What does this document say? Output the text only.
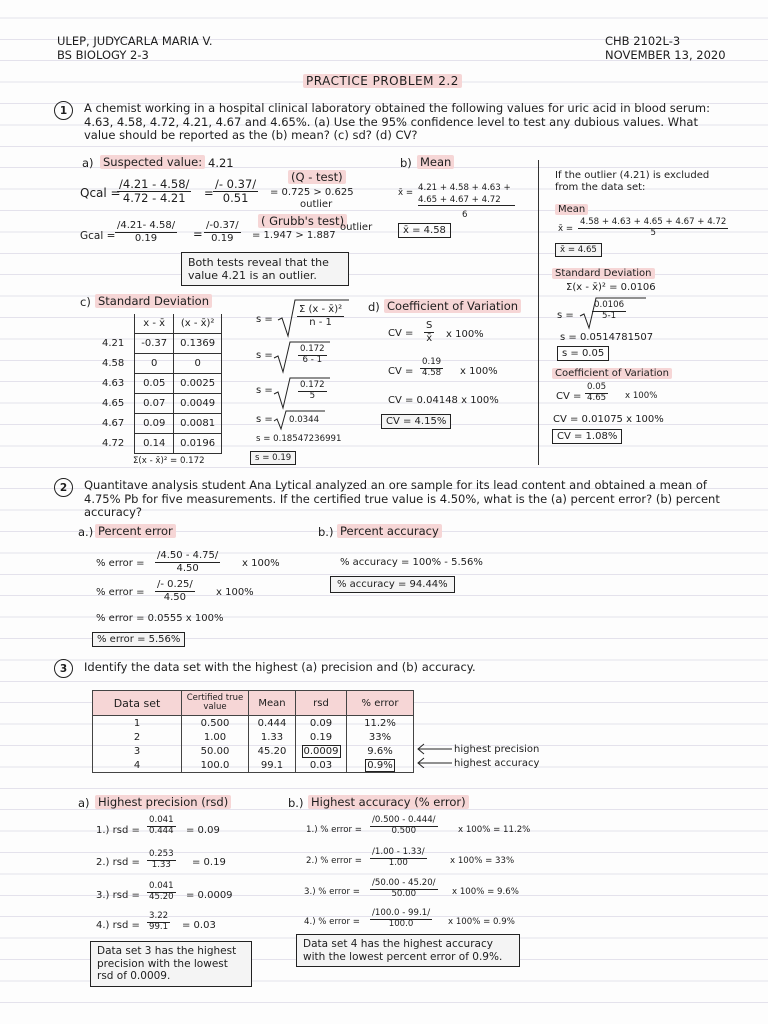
ULEP, JUDYCARLA MARIA V.
BS BIOLOGY 2-3
CHB 2102L-3
NOVEMBER 13, 2020
PRACTICE PROBLEM 2.2
1	A chemist working in a hospital clinical laboratory obtained the following values for uric acid in blood serum: 4.63, 4.58, 4.72, 4.21, 4.67 and 4.65%. (a) Use the 95% confidence level to test any dubious values. What value should be reported as the (b) mean? (c) sd? (d) CV?
a) Suspected value: 4.21
(Q - test)
Qcal =
/4.21 - 4.58/
4.72 - 4.21 =
/- 0.37/
0.51 = 0.725 > 0.625
outlier
( Grubb's test)
Gcal =
/4.21- 4.58/
0.19	=
/-0.37/
0.19 = 1.947 > 1.887
outlier
Both tests reveal that the value 4.21 is an outlier.
b) Mean
x̄ = 4.21 + 4.58 + 4.63 +
4.65 + 4.67 + 4.72
6
x̄ = 4.58
If the outlier (4.21) is excluded from the data set:
Mean
x̄ =
4.58 + 4.63 + 4.65 + 4.67 + 4.72
5
x̄ = 4.65
Standard Deviation
Σ(x - x̄)² = 0.0106
s =
0.0106
5-1
s = 0.0514781507
s = 0.05
Coefficient of Variation
CV =
0.05
4.65 x 100%
CV = 0.01075 x 100%
CV = 1.08%
c) Standard Deviation
	x - x̄	(x - x̄)²
4.21	-0.37	0.1369
4.58	0	0
4.63	0.05	0.0025
4.65	0.07	0.0049
4.67	0.09	0.0081
4.72	0.14	0.0196
Σ(x - x̄)² = 0.172
s =
Σ (x - x̄)²
n - 1
s =
0.172
6 - 1
s =	0.172
5
s = 0.0344
s = 0.18547236991
s = 0.19
d) Coefficient of Variation
CV =
S
x̄ x 100%
CV =
0.19
4.58 x 100%
CV = 0.04148 x 100%
CV = 4.15%
2	Quantitave analysis student Ana Lytical analyzed an ore sample for its lead content and obtained a mean of 4.75% Pb for five measurements. If the certified true value is 4.50%, what is the (a) percent error? (b) percent accuracy?
a.) Percent error
% error =
/4.50 - 4.75/
4.50	x 100%
% error =
/- 0.25/
4.50	x 100%
% error = 0.0555 x 100%
% error = 5.56%
b.) Percent accuracy
% accuracy = 100% - 5.56%
% accuracy = 94.44%
3	Identify the data set with the highest (a) precision and (b) accuracy.
Data set	Certified true value	Mean	rsd	% error
1	0.500	0.444	0.09	11.2%
2	1.00	1.33	0.19	33%
3	50.00	45.20	0.0009	9.6%
4	100.0	99.1	0.03	0.9%
highest precision
highest accuracy
a) Highest precision (rsd)
1.) rsd =
0.041
0.444 = 0.09
2.) rsd =
0.253
1.33 = 0.19
3.) rsd =
0.041
45.20 = 0.0009
4.) rsd =
3.22
99.1 = 0.03
Data set 3 has the highest precision with the lowest rsd of 0.0009.
b.) Highest accuracy (% error)
1.) % error =
/0.500 - 0.444/
0.500	x 100% = 11.2%
2.) % error =
/1.00 - 1.33/
1.00	x 100% = 33%
3.) % error =
/50.00 - 45.20/
50.00	x 100% = 9.6%
4.) % error =
/100.0 - 99.1/
100.0	x 100% = 0.9%
Data set 4 has the highest accuracy with the lowest percent error of 0.9%.
